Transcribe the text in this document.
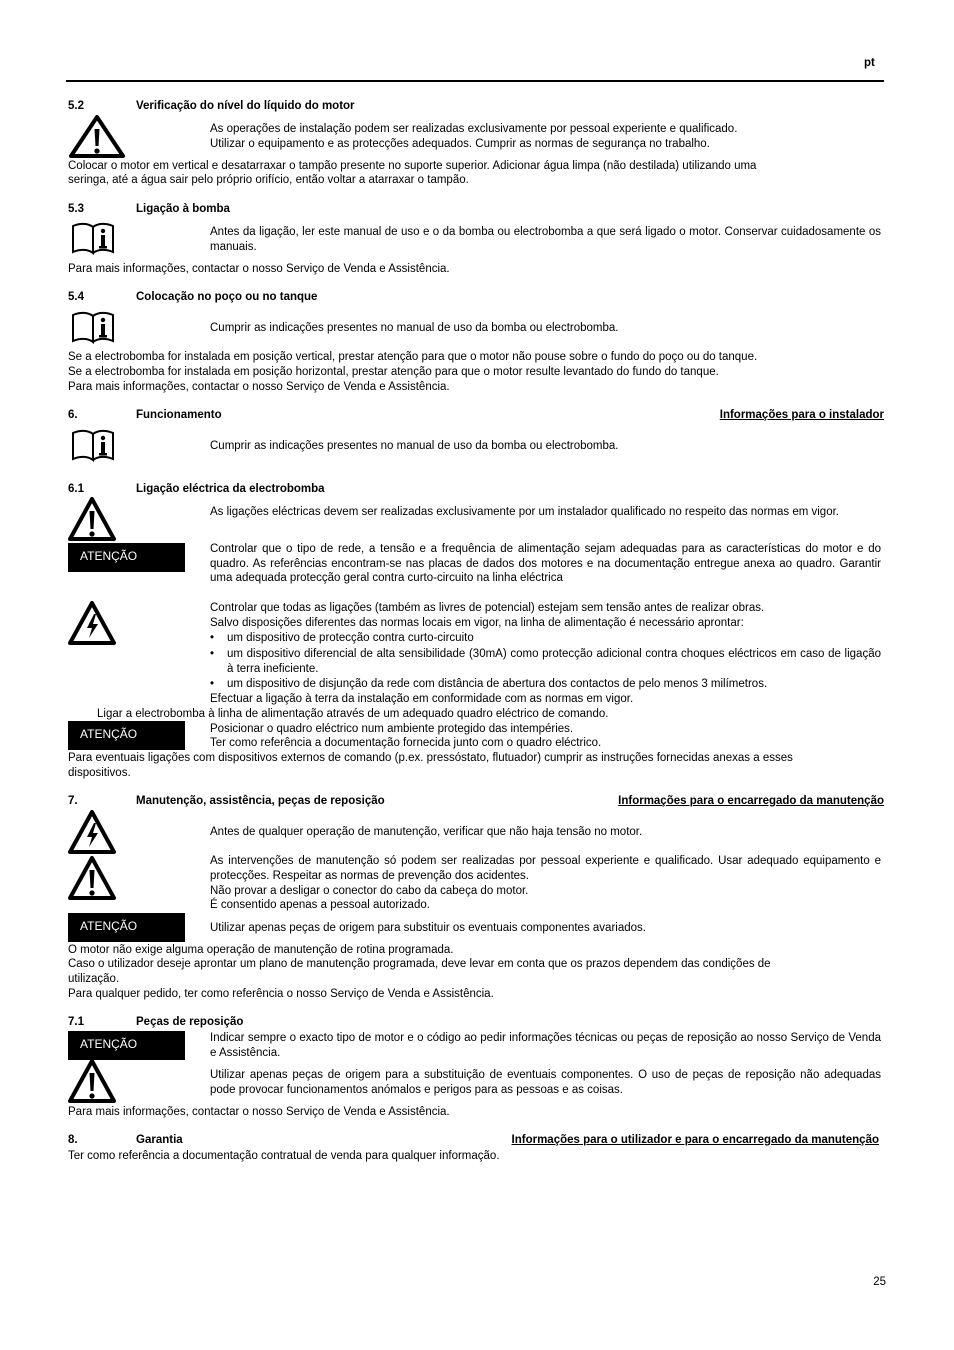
pt
5.2	Verificação do nível do líquido do motor
As operações de instalação podem ser realizadas exclusivamente por pessoal experiente e qualificado.
Utilizar o equipamento e as protecções adequados. Cumprir as normas de segurança no trabalho.
Colocar o motor em vertical e desatarraxar o tampão presente no suporte superior. Adicionar água limpa (não destilada) utilizando uma
seringa, até a água sair pelo próprio orifício, então voltar a atarraxar o tampão.
5.3	Ligação à bomba
Antes da ligação, ler este manual de uso e o da bomba ou electrobomba a que será ligado o motor. Conservar cuidadosamente os manuais.
Para mais informações, contactar o nosso Serviço de Venda e Assistência.
5.4	Colocação no poço ou no tanque
Cumprir as indicações presentes no manual de uso da bomba ou electrobomba.
Se a electrobomba for instalada em posição vertical, prestar atenção para que o motor não pouse sobre o fundo do poço ou do tanque.
Se a electrobomba for instalada em posição horizontal, prestar atenção para que o motor resulte levantado do fundo do tanque.
Para mais informações, contactar o nosso Serviço de Venda e Assistência.
6.	Funcionamento	Informações para o instalador
Cumprir as indicações presentes no manual de uso da bomba ou electrobomba.
6.1	Ligação eléctrica da electrobomba
As ligações eléctricas devem ser realizadas exclusivamente por um instalador qualificado no respeito das normas em vigor.
ATENÇÃO	Controlar que o tipo de rede, a tensão e a frequência de alimentação sejam adequadas para as características do motor e do quadro. As referências encontram-se nas placas de dados dos motores e na documentação entregue anexa ao quadro. Garantir uma adequada protecção geral contra curto-circuito na linha eléctrica
Controlar que todas as ligações (também as livres de potencial) estejam sem tensão antes de realizar obras.
Salvo disposições diferentes das normas locais em vigor, na linha de alimentação é necessário aprontar:
• um dispositivo de protecção contra curto-circuito
• um dispositivo diferencial de alta sensibilidade (30mA) como protecção adicional contra choques eléctricos em caso de ligação à terra ineficiente.
• um dispositivo de disjunção da rede com distância de abertura dos contactos de pelo menos 3 milímetros.
Efectuar a ligação à terra da instalação em conformidade com as normas em vigor.
Ligar a electrobomba à linha de alimentação através de um adequado quadro eléctrico de comando.
ATENÇÃO	Posicionar o quadro eléctrico num ambiente protegido das intempéries.
Ter como referência a documentação fornecida junto com o quadro eléctrico.
Para eventuais ligações com dispositivos externos de comando (p.ex. pressóstato, flutuador) cumprir as instruções fornecidas anexas a esses
dispositivos.
7.	Manutenção, assistência, peças de reposição	Informações para o encarregado da manutenção
Antes de qualquer operação de manutenção, verificar que não haja tensão no motor.
As intervenções de manutenção só podem ser realizadas por pessoal experiente e qualificado. Usar adequado equipamento e protecções. Respeitar as normas de prevenção dos acidentes.
Não provar a desligar o conector do cabo da cabeça do motor.
É consentido apenas a pessoal autorizado.
ATENÇÃO	Utilizar apenas peças de origem para substituir os eventuais componentes avariados.
O motor não exige alguma operação de manutenção de rotina programada.
Caso o utilizador deseje aprontar um plano de manutenção programada, deve levar em conta que os prazos dependem das condições de
utilização.
Para qualquer pedido, ter como referência o nosso Serviço de Venda e Assistência.
7.1	Peças de reposição
ATENÇÃO	Indicar sempre o exacto tipo de motor e o código ao pedir informações técnicas ou peças de reposição ao nosso Serviço de Venda e Assistência.
Utilizar apenas peças de origem para a substituição de eventuais componentes. O uso de peças de reposição não adequadas pode provocar funcionamentos anómalos e perigos para as pessoas e as coisas.
Para mais informações, contactar o nosso Serviço de Venda e Assistência.
8.	Garantia	Informações para o utilizador e para o encarregado da manutenção
Ter como referência a documentação contratual de venda para qualquer informação.
25
